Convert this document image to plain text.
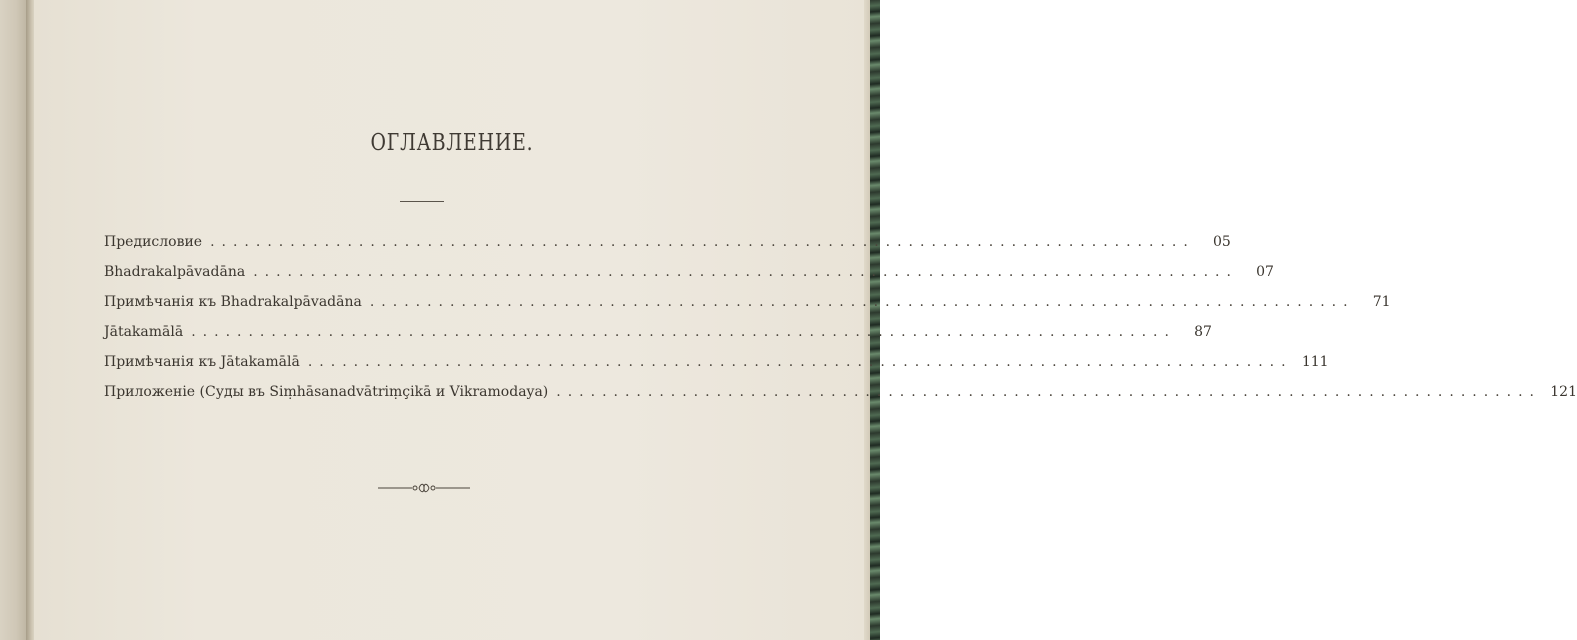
ОГЛАВЛЕНИЕ.
Предисловие ......................................................................................	05
Bhadrakalpāvadāna ......................................................................................	07
Примѣчанія къ Bhadrakalpāvadāna ......................................................................................	71
Jātakamālā ......................................................................................	87
Примѣчанія къ Jātakamālā ...................................................................................... 111
Приложеніе (Суды въ Siṃhāsanadvātriṃçikā и Vikramodaya) ...................................................................................... 121
